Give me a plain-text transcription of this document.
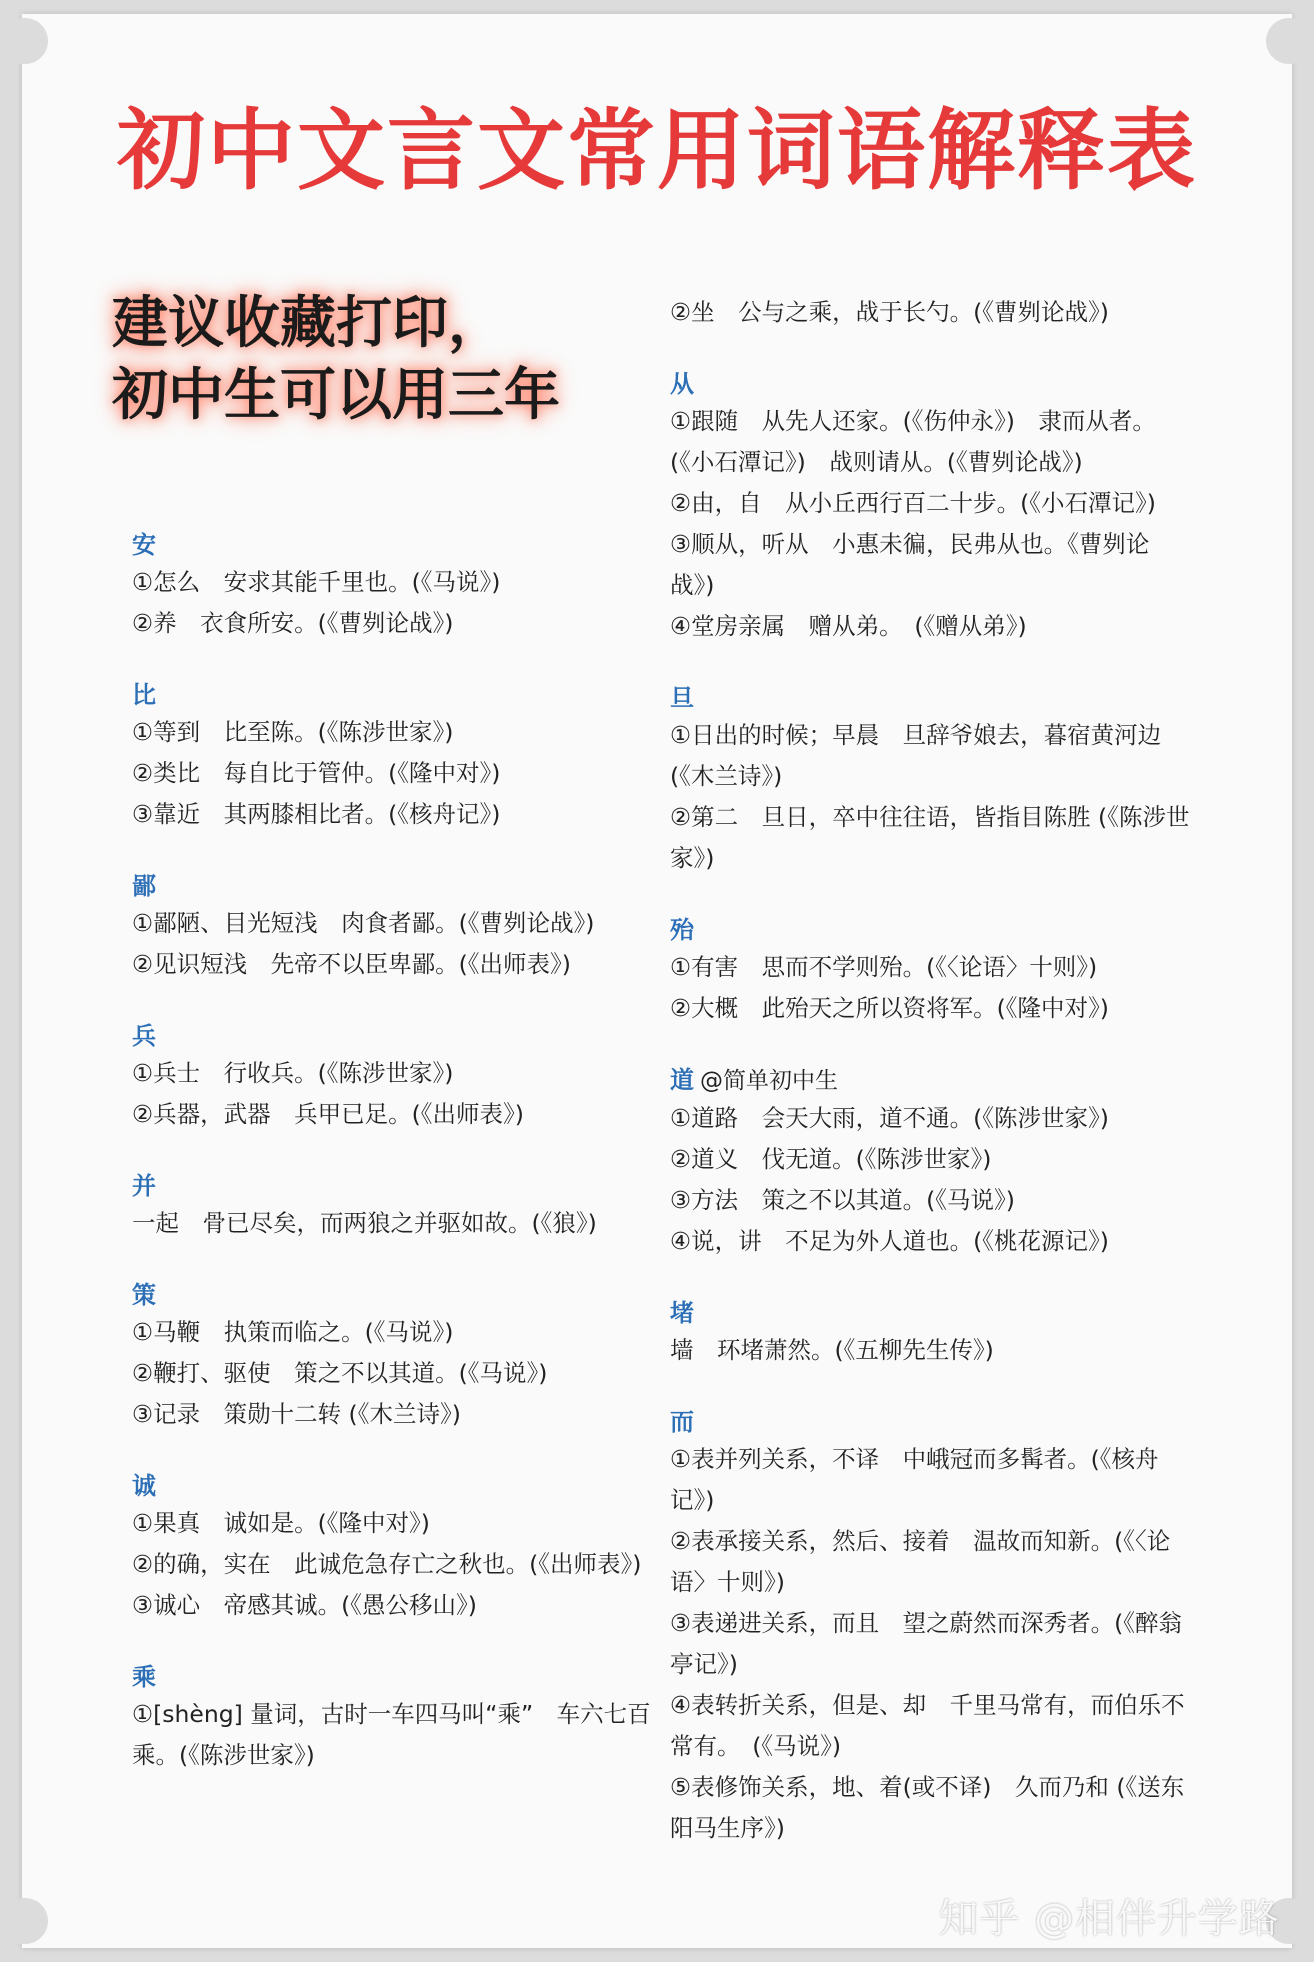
初中文言文常用词语解释表
建议收藏打印，
初中生可以用三年
安

①怎么　安求其能千里也。(《马说》)

②养　衣食所安。(《曹刿论战》)

比

①等到　比至陈。(《陈涉世家》)

②类比　每自比于管仲。(《隆中对》)

③靠近　其两膝相比者。(《核舟记》)

鄙

①鄙陋、目光短浅　肉食者鄙。(《曹刿论战》)

②见识短浅　先帝不以臣卑鄙。(《出师表》)

兵

①兵士　行收兵。(《陈涉世家》)

②兵器，武器　兵甲已足。(《出师表》)

并

一起　骨已尽矣，而两狼之并驱如故。(《狼》)

策

①马鞭　执策而临之。(《马说》)

②鞭打、驱使　策之不以其道。(《马说》)

③记录　策勋十二转 (《木兰诗》)

诚

①果真　诚如是。(《隆中对》)

②的确，实在　此诚危急存亡之秋也。(《出师表》)

③诚心　帝感其诚。(《愚公移山》)

乘

①[shèng] 量词，古时一车四马叫“乘”　车六七百乘。(《陈涉世家》)

②坐　公与之乘，战于长勺。(《曹刿论战》)

从

①跟随　从先人还家。(《伤仲永》)　隶而从者。(《小石潭记》)　战则请从。(《曹刿论战》)

②由，自　从小丘西行百二十步。(《小石潭记》)

③顺从，听从　小惠未徧，民弗从也。《曹刿论战》)

④堂房亲属　赠从弟。　(《赠从弟》)

旦

①日出的时候；早晨　旦辞爷娘去，暮宿黄河边　(《木兰诗》)

②第二　旦日，卒中往往语，皆指目陈胜 (《陈涉世家》)

殆

①有害　思而不学则殆。(《〈论语〉十则》)

②大概　此殆天之所以资将军。(《隆中对》)

道 @简单初中生

①道路　会天大雨，道不通。(《陈涉世家》)

②道义　伐无道。(《陈涉世家》)

③方法　策之不以其道。(《马说》)

④说，讲　不足为外人道也。(《桃花源记》)

堵

墙　环堵萧然。(《五柳先生传》)

而

①表并列关系，不译　中峨冠而多髯者。(《核舟记》)

②表承接关系，然后、接着　温故而知新。(《〈论语〉十则》)

③表递进关系，而且　望之蔚然而深秀者。(《醉翁亭记》)

④表转折关系，但是、却　千里马常有，而伯乐不常有。　(《马说》)

⑤表修饰关系，地、着(或不译)　久而乃和 (《送东阳马生序》)

知乎 @相伴升学路
